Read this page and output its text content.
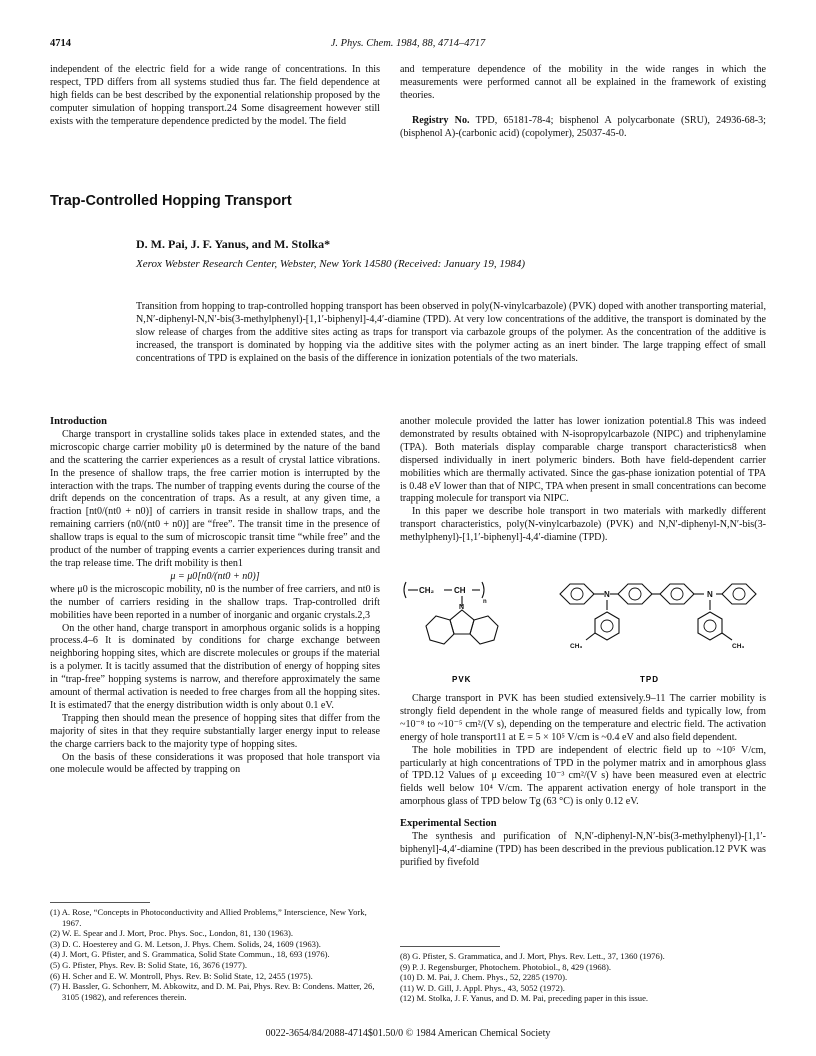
4714	J. Phys. Chem. 1984, 88, 4714–4717

independent of the electric field for a wide range of concentrations. In this respect, TPD differs from all systems studied thus far. The field dependence at high fields can be best described by the exponential relationship proposed by the computer simulation of hopping transport.24 Some disagreement however still exists with the temperature dependence predicted by the model. The field

and temperature dependence of the mobility in the wide ranges in which the measurements were performed cannot all be explained in the framework of existing theories.

Registry No. TPD, 65181-78-4; bisphenol A polycarbonate (SRU), 24936-68-3; (bisphenol A)-(carbonic acid) (copolymer), 25037-45-0.

Trap-Controlled Hopping Transport
D. M. Pai, J. F. Yanus, and M. Stolka*
Xerox Webster Research Center, Webster, New York 14580 (Received: January 19, 1984)
Transition from hopping to trap-controlled hopping transport has been observed in poly(N-vinylcarbazole) (PVK) doped with another transporting material, N,N′-diphenyl-N,N′-bis(3-methylphenyl)-[1,1′-biphenyl]-4,4′-diamine (TPD). At very low concentrations of the additive, the transport is dominated by the slow release of charges from the additive sites acting as traps for transport via carbazole groups of the polymer. As the concentration of the additive is increased, the transport is dominated by hopping via the additive sites with the polymer acting as an inert binder. The large trapping effect of small concentrations of TPD is explained on the basis of the difference in ionization potentials of the two materials.

Introduction

Charge transport in crystalline solids takes place in extended states, and the microscopic charge carrier mobility μ0 is determined by the nature of the band and the scattering the carrier experiences as a result of crystal lattice vibrations. In the presence of shallow traps, the free carrier motion is interrupted by the interaction with the traps. The number of trapping events during the course of the drift depends on the concentration of traps. As a result, at any given time, a fraction [nt0/(nt0 + n0)] of carriers in transit reside in shallow traps, and the remaining carriers (n0/(nt0 + n0)] are “free”. The transit time in the presence of shallow traps is equal to the sum of microscopic transit time “while free” and the product of the number of trapping events a carrier experiences during transit and the trap release time. The drift mobility is then1

μ = μ0[n0/(nt0 + n0)]

where μ0 is the microscopic mobility, n0 is the number of free carriers, and nt0 is the number of carriers residing in the shallow traps. Trap-controlled drift mobilities have been reported in a number of inorganic and organic crystals.2,3

On the other hand, charge transport in amorphous organic solids is a hopping process.4–6 It is dominated by conditions for charge exchange between neighboring hopping sites, which are discrete molecules or groups if the material is a polymer. It is tacitly assumed that the distribution of energy of hopping sites in “trap-free” hopping systems is narrow, and therefore approximately the same amount of thermal activation is needed to free charges from all the hopping sites. It is estimated7 that the energy distribution width is only about 0.1 eV.

Trapping then should mean the presence of hopping sites that differ from the majority of sites in that they require substantially larger energy input to release the charge carriers back to the majority type of hopping sites.

On the basis of these considerations it was proposed that hole transport via one molecule would be affected by trapping on

(1) A. Rose, “Concepts in Photoconductivity and Allied Problems,” Interscience, New York, 1967.
(2) W. E. Spear and J. Mort, Proc. Phys. Soc., London, 81, 130 (1963).
(3) D. C. Hoesterey and G. M. Letson, J. Phys. Chem. Solids, 24, 1609 (1963).
(4) J. Mort, G. Pfister, and S. Grammatica, Solid State Commun., 18, 693 (1976).
(5) G. Pfister, Phys. Rev. B: Solid State, 16, 3676 (1977).
(6) H. Scher and E. W. Montroll, Phys. Rev. B: Solid State, 12, 2455 (1975).
(7) H. Bassler, G. Schonherr, M. Abkowitz, and D. M. Pai, Phys. Rev. B: Condens. Matter, 26, 3105 (1982), and references therein.

another molecule provided the latter has lower ionization potential.8 This was indeed demonstrated by results obtained with N-isopropylcarbazole (NIPC) and triphenylamine (TPA). Both materials display comparable charge transport characteristics8 when dispersed individually in inert polymeric binders. Both have field-dependent carrier mobilities which are thermally activated. Since the gas-phase ionization potential of TPA is 0.48 eV lower than that of NIPC, TPA when present in small concentrations can become trapping molecule for transport via NIPC.

In this paper we describe hole transport in two materials with markedly different transport characteristics, poly(N-vinylcarbazole) (PVK) and N,N′-diphenyl-N,N′-bis(3-methylphenyl)-[1,1′-biphenyl]-4,4′-diamine (TPD).

CH₂ CH
n
N
N	N
CH₃	CH₃
PVK	TPD

Charge transport in PVK has been studied extensively.9–11 The carrier mobility is strongly field dependent in the whole range of measured fields and typically low, from ~10⁻⁸ to ~10⁻⁵ cm²/(V s), depending on the temperature and electric field. The activation energy of hole transport11 at E = 5 × 10⁵ V/cm is ~0.4 eV and also field dependent.

The hole mobilities in TPD are independent of electric field up to ~10⁵ V/cm, particularly at high concentrations of TPD in the polymer matrix and in amorphous glass of TPD.12 Values of μ exceeding 10⁻³ cm²/(V s) have been measured even at electric fields well below 10⁴ V/cm. The apparent activation energy of hole transport in the amorphous glass of TPD below Tg (63 °C) is only 0.12 eV.

Experimental Section

The synthesis and purification of N,N′-diphenyl-N,N′-bis(3-methylphenyl)-[1,1′-biphenyl]-4,4′-diamine (TPD) has been described in the previous publication.12 PVK was purified by fivefold

(8) G. Pfister, S. Grammatica, and J. Mort, Phys. Rev. Lett., 37, 1360 (1976).
(9) P. J. Regensburger, Photochem. Photobiol., 8, 429 (1968).
(10) D. M. Pai, J. Chem. Phys., 52, 2285 (1970).
(11) W. D. Gill, J. Appl. Phys., 43, 5052 (1972).
(12) M. Stolka, J. F. Yanus, and D. M. Pai, preceding paper in this issue.
0022-3654/84/2088-4714$01.50/0 © 1984 American Chemical Society
